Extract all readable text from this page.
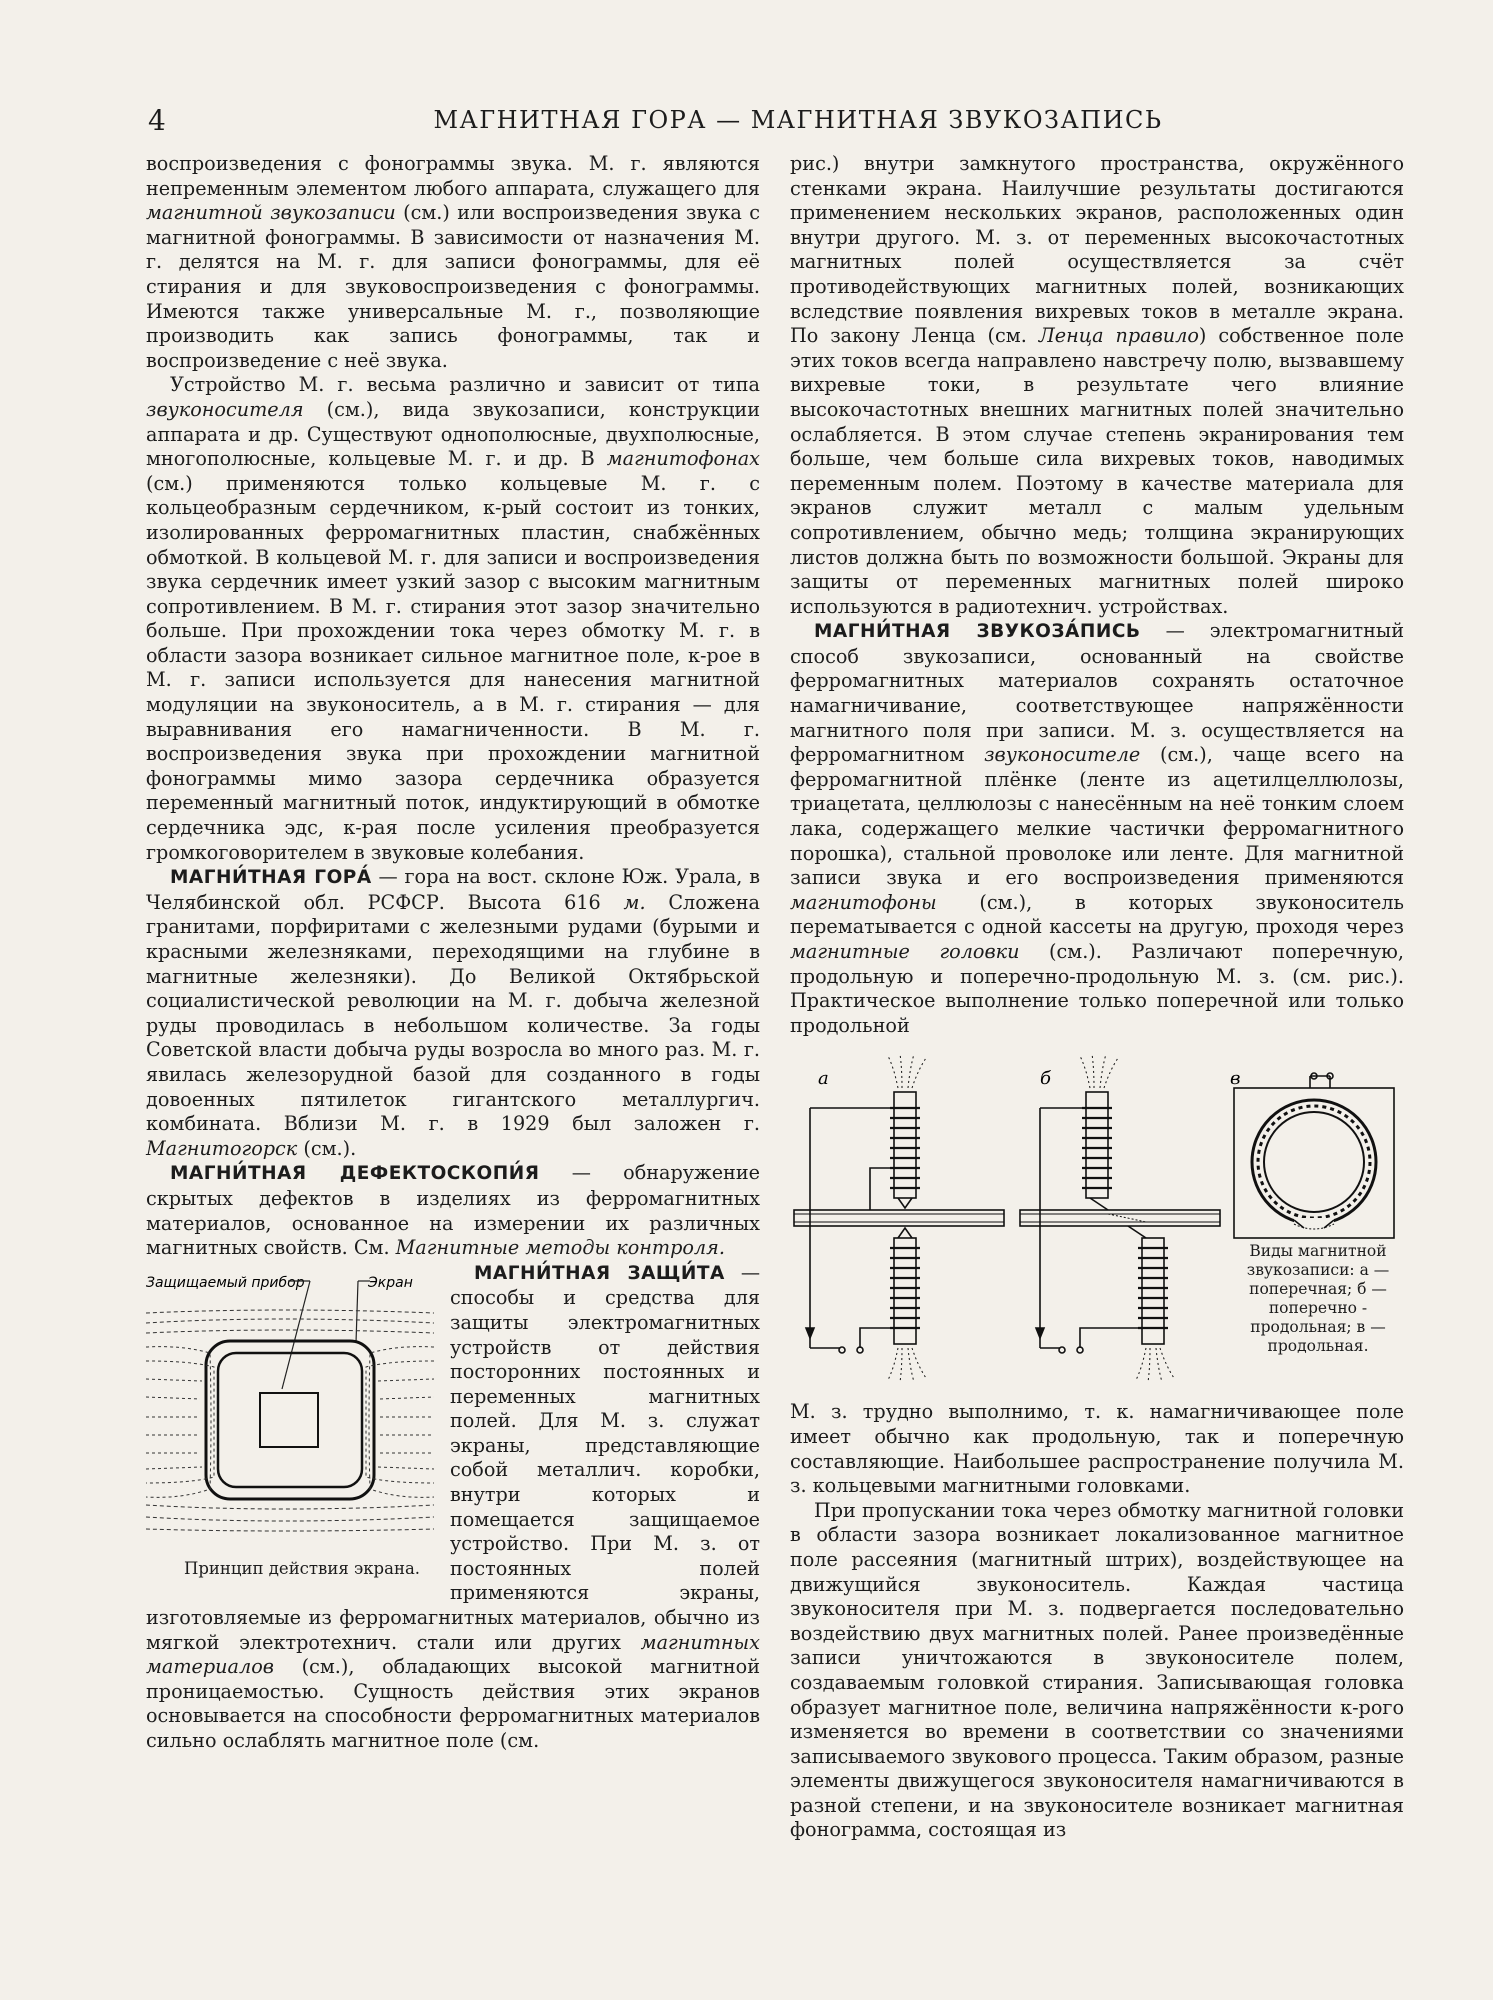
4	МАГНИТНАЯ ГОРА — МАГНИТНАЯ ЗВУКОЗАПИСЬ

воспроизведения с фонограммы звука. М. г. являются непременным элементом любого аппарата, служащего для магнитной звукозаписи (см.) или воспроизведения звука с магнитной фонограммы. В зависимости от назначения М. г. делятся на М. г. для записи фонограммы, для её стирания и для звуковоспроизведения с фонограммы. Имеются также универсальные М. г., позволяющие производить как запись фонограммы, так и воспроизведение с неё звука.

Устройство М. г. весьма различно и зависит от типа звуконосителя (см.), вида звукозаписи, конструкции аппарата и др. Существуют однополюсные, двухполюсные, многополюсные, кольцевые М. г. и др. В магнитофонах (см.) применяются только кольцевые М. г. с кольцеобразным сердечником, к-рый состоит из тонких, изолированных ферромагнитных пластин, снабжённых обмоткой. В кольцевой М. г. для записи и воспроизведения звука сердечник имеет узкий зазор с высоким магнитным сопротивлением. В М. г. стирания этот зазор значительно больше. При прохождении тока через обмотку М. г. в области зазора возникает сильное магнитное поле, к-рое в М. г. записи используется для нанесения магнитной модуляции на звуконоситель, а в М. г. стирания — для выравнивания его намагниченности. В М. г. воспроизведения звука при прохождении магнитной фонограммы мимо зазора сердечника образуется переменный магнитный поток, индуктирующий в обмотке сердечника эдс, к-рая после усиления преобразуется громкоговорителем в звуковые колебания.

МАГНИ́ТНАЯ ГОРА́ — гора на вост. склоне Юж. Урала, в Челябинской обл. РСФСР. Высота 616 м. Сложена гранитами, порфиритами с железными рудами (бурыми и красными железняками, переходящими на глубине в магнитные железняки). До Великой Октябрьской социалистической революции на М. г. добыча железной руды проводилась в небольшом количестве. За годы Советской власти добыча руды возросла во много раз. М. г. явилась железорудной базой для созданного в годы довоенных пятилеток гигантского металлургич. комбината. Вблизи М. г. в 1929 был заложен г. Магнитогорск (см.).

МАГНИ́ТНАЯ ДЕФЕКТОСКОПИ́Я — обнаружение скрытых дефектов в изделиях из ферромагнитных материалов, основанное на измерении их различных магнитных свойств. См. Магнитные методы контроля.

МАГНИ́ТНАЯ ЗАЩИ́ТА
Защищаемый прибор	Экран
Принцип действия экрана.
— способы и средства для защиты электромагнитных устройств от действия посторонних постоянных и переменных магнитных полей. Для М. з. служат экраны, представляющие собой металлич. коробки, внутри которых и помещается защищаемое устройство. При М. з. от постоянных полей применяются экраны, изготовляемые из ферромагнитных материалов, обычно из мягкой электротехнич. стали или других магнитных материалов (см.), обладающих высокой магнитной проницаемостью. Сущность действия этих экранов основывается на способности ферромагнитных материалов сильно ослаблять магнитное поле (см.

рис.) внутри замкнутого пространства, окружённого стенками экрана. Наилучшие результаты достигаются применением нескольких экранов, расположенных один внутри другого. М. з. от переменных высокочастотных магнитных полей осуществляется за счёт противодействующих магнитных полей, возникающих вследствие появления вихревых токов в металле экрана. По закону Ленца (см. Ленца правило) собственное поле этих токов всегда направлено навстречу полю, вызвавшему вихревые токи, в результате чего влияние высокочастотных внешних магнитных полей значительно ослабляется. В этом случае степень экранирования тем больше, чем больше сила вихревых токов, наводимых переменным полем. Поэтому в качестве материала для экранов служит металл с малым удельным сопротивлением, обычно медь; толщина экранирующих листов должна быть по возможности большой. Экраны для защиты от переменных магнитных полей широко используются в радиотехнич. устройствах.

МАГНИ́ТНАЯ ЗВУКОЗА́ПИСЬ — электромагнитный способ звукозаписи, основанный на свойстве ферромагнитных материалов сохранять остаточное намагничивание, соответствующее напряжённости магнитного поля при записи. М. з. осуществляется на ферромагнитном звуконосителе (см.), чаще всего на ферромагнитной плёнке (ленте из ацетилцеллюлозы, триацетата, целлюлозы с нанесённым на неё тонким слоем лака, содержащего мелкие частички ферромагнитного порошка), стальной проволоке или ленте. Для магнитной записи звука и его воспроизведения применяются магнитофоны (см.), в которых звуконоситель перематывается с одной кассеты на другую, проходя через магнитные головки (см.). Различают поперечную, продольную и поперечно-продольную М. з. (см. рис.). Практическое выполнение только поперечной или только продольной

а	б	в
Виды магнитной звукозаписи: а — поперечная; б — поперечно - продольная; в — продольная.

М. з. трудно выполнимо, т. к. намагничивающее поле имеет обычно как продольную, так и поперечную составляющие. Наибольшее распространение получила М. з. кольцевыми магнитными головками.

При пропускании тока через обмотку магнитной головки в области зазора возникает локализованное магнитное поле рассеяния (магнитный штрих), воздействующее на движущийся звуконоситель. Каждая частица звуконосителя при М. з. подвергается последовательно воздействию двух магнитных полей. Ранее произведённые записи уничтожаются в звуконосителе полем, создаваемым головкой стирания. Записывающая головка образует магнитное поле, величина напряжённости к-рого изменяется во времени в соответствии со значениями записываемого звукового процесса. Таким образом, разные элементы движущегося звуконосителя намагничиваются в разной степени, и на звуконосителе возникает магнитная фонограмма, состоящая из
